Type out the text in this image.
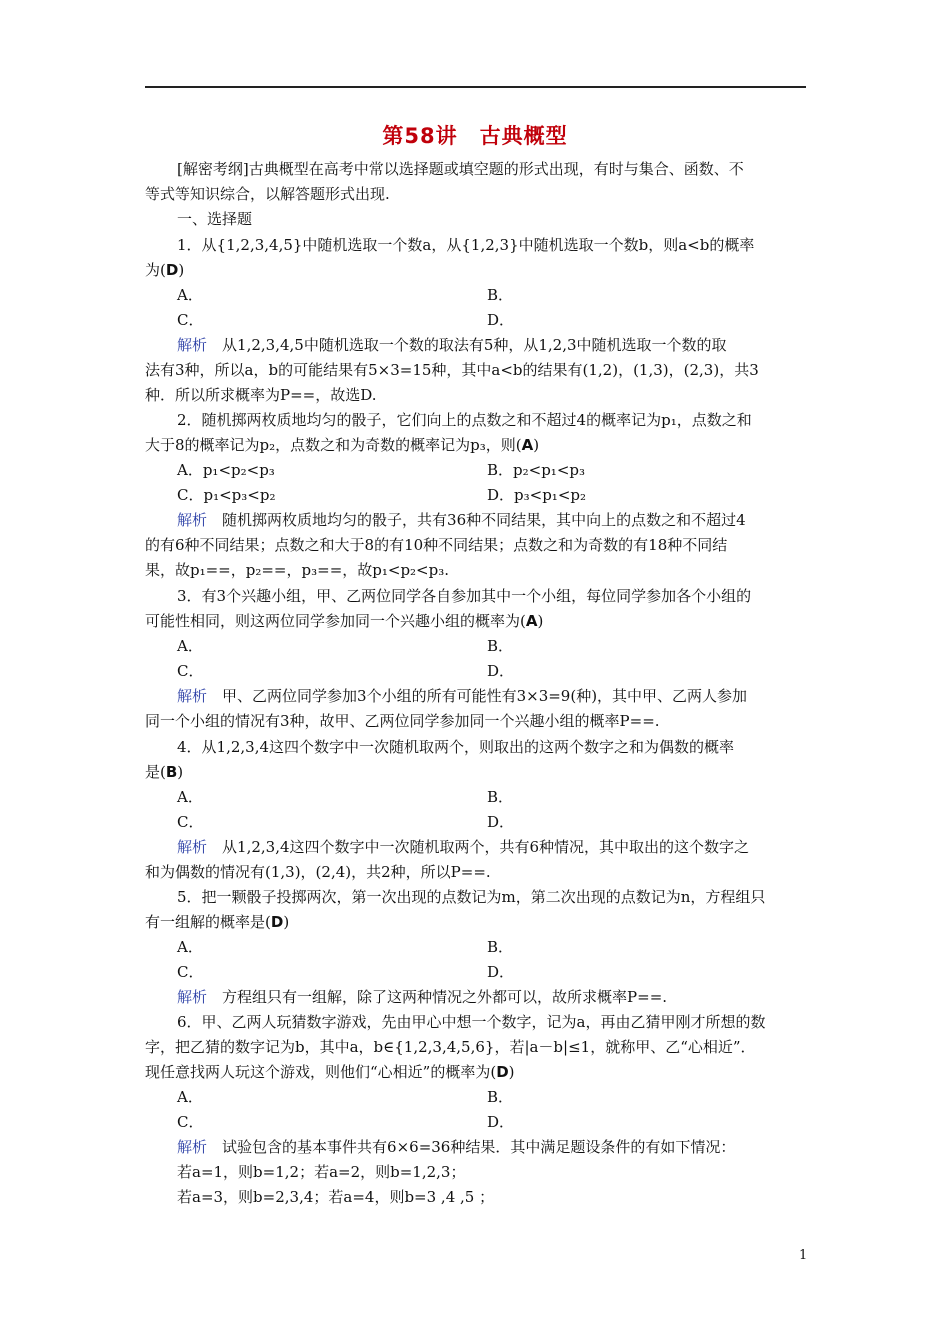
第58讲 古典概型
[解密考纲]古典概型在高考中常以选择题或填空题的形式出现，有时与集合、函数、不
等式等知识综合，以解答题形式出现.
一、选择题
1．从{1,2,3,4,5}中随机选取一个数a，从{1,2,3}中随机选取一个数b，则a<b的概率
为(D)
A．	B．
C．	D．
解析　 从1,2,3,4,5中随机选取一个数的取法有5种，从1,2,3中随机选取一个数的取
法有3种，所以a，b的可能结果有5×3=15种，其中a<b的结果有(1,2)，(1,3)，(2,3)，共3
种．所以所求概率为P==，故选D.
2．随机掷两枚质地均匀的骰子，它们向上的点数之和不超过4的概率记为p₁，点数之和
大于8的概率记为p₂，点数之和为奇数的概率记为p₃，则(A)
A．p₁<p₂<p₃	B．p₂<p₁<p₃
C．p₁<p₃<p₂	D．p₃<p₁<p₂
解析　 随机掷两枚质地均匀的骰子，共有36种不同结果，其中向上的点数之和不超过4
的有6种不同结果；点数之和大于8的有10种不同结果；点数之和为奇数的有18种不同结
果，故p₁==，p₂==，p₃==，故p₁<p₂<p₃.
3．有3个兴趣小组，甲、乙两位同学各自参加其中一个小组，每位同学参加各个小组的
可能性相同，则这两位同学参加同一个兴趣小组的概率为(A)
A．	B．
C．	D．
解析　 甲、乙两位同学参加3个小组的所有可能性有3×3=9(种)，其中甲、乙两人参加
同一个小组的情况有3种，故甲、乙两位同学参加同一个兴趣小组的概率P==.
4．从1,2,3,4这四个数字中一次随机取两个，则取出的这两个数字之和为偶数的概率
是(B)
A．	B．
C．	D．
解析　 从1,2,3,4这四个数字中一次随机取两个，共有6种情况，其中取出的这个数字之
和为偶数的情况有(1,3)，(2,4)，共2种，所以P==.
5．把一颗骰子投掷两次，第一次出现的点数记为m，第二次出现的点数记为n，方程组只
有一组解的概率是(D)
A．	B．
C．	D．
解析　 方程组只有一组解，除了这两种情况之外都可以，故所求概率P==.
6．甲、乙两人玩猜数字游戏，先由甲心中想一个数字，记为a，再由乙猜甲刚才所想的数
字，把乙猜的数字记为b，其中a，b∈{1,2,3,4,5,6}，若|a－b|≤1，就称甲、乙“心相近”．
现任意找两人玩这个游戏，则他们“心相近”的概率为(D)
A．	B．
C．	D．
解析　 试验包含的基本事件共有6×6=36种结果．其中满足题设条件的有如下情况：
若a=1，则b=1,2；若a=2，则b=1,2,3；
若a=3，则b=2,3,4；若a=4，则b=3 ,4 ,5 ；
1
